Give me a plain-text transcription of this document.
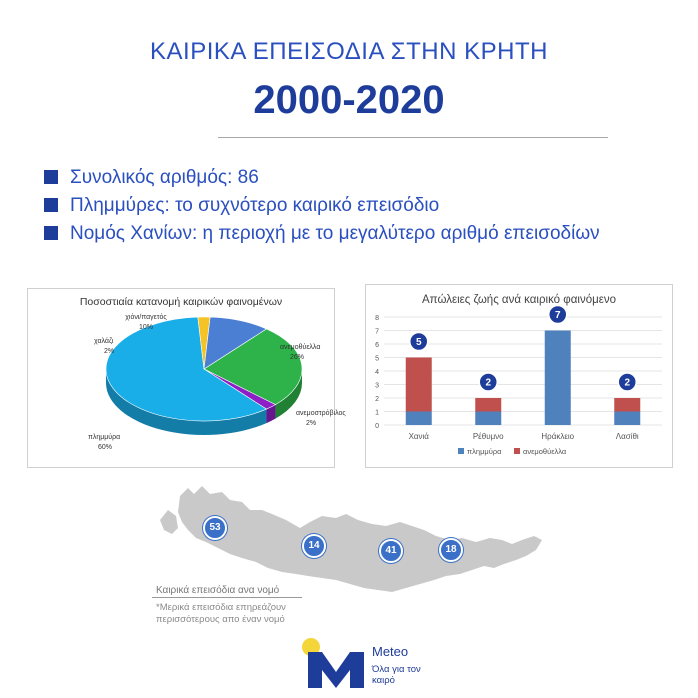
ΚΑΙΡΙΚΑ ΕΠΕΙΣΟΔΙΑ ΣΤΗΝ ΚΡΗΤΗ
2000-2020
Συνολικός αριθμός: 86
Πλημμύρες: το συχνότερο καιρικό επεισόδιο
Νομός Χανίων: η περιοχή με το μεγαλύτερο αριθμό επεισοδίων
Ποσοστιαία κατανομή καιρικών φαινομένων
πλημμύρα
60%
ανεμοθύελλα
26%
ανεμοστρόβιλος
2%
χαλάζι
2%
χιόνι/παγετός
10%
Απώλειες ζωής ανά καιρικό φαινόμενο
0
1
2
3
4
5
6
7
8
5
Χανιά
2
Ρέθυμνο
7
Ηράκλειο
2
Λασίθι
πλημμύρα	ανεμοθύελλα
53
14	41	18
Καιρικά επεισόδια ανα νομό
*Μερικά επεισόδια επηρεάζουν περισσότερους απο έναν νομό
Meteo
Όλα για τον καιρό
